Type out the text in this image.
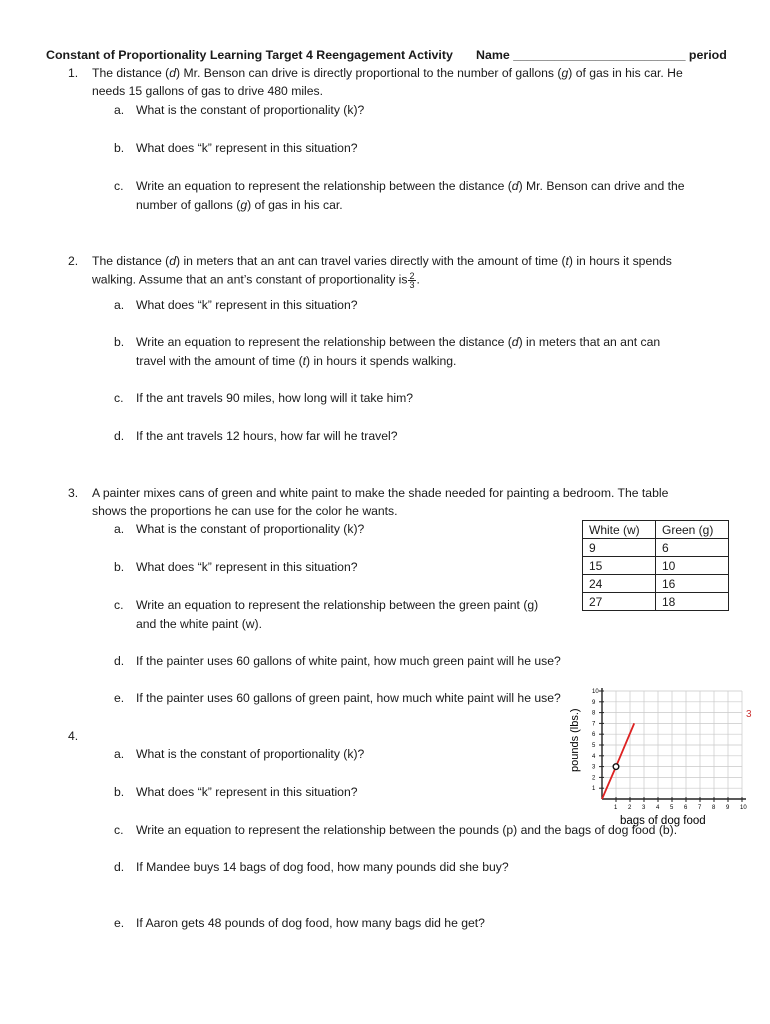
Constant of Proportionality Learning Target 4 Reengagement Activity Name _________________________ period
1.	The distance (d) Mr. Benson can drive is directly proportional to the number of gallons (g) of gas in his car. He
needs 15 gallons of gas to drive 480 miles.
a. What is the constant of proportionality (k)?
b. What does “k” represent in this situation?
c.	Write an equation to represent the relationship between the distance (d) Mr. Benson can drive and the
number of gallons (g) of gas in his car.
2.	The distance (d) in meters that an ant can travel varies directly with the amount of time (t) in hours it spends
walking. Assume that an ant’s constant of proportionality is $\frac{2}{3}$ .
a. What does “k” represent in this situation?
b. Write an equation to represent the relationship between the distance (d) in meters that an ant can
travel with the amount of time (t) in hours it spends walking.
c.	If the ant travels 90 miles, how long will it take him?
d. If the ant travels 12 hours, how far will he travel?
3.	A painter mixes cans of green and white paint to make the shade needed for painting a bedroom. The table
shows the proportions he can use for the color he wants.
a. What is the constant of proportionality (k)?
b. What does “k” represent in this situation?
c.	Write an equation to represent the relationship between the green paint (g)
and the white paint (w).
d. If the painter uses 60 gallons of white paint, how much green paint will he use?
e. If the painter uses 60 gallons of green paint, how much white paint will he use?
White (w)	Green (g)
9	6
15	10
24	16
27	18
4.
a. What is the constant of proportionality (k)?
b. What does “k” represent in this situation?
c.	Write an equation to represent the relationship between the pounds (p) and the bags of dog food (b).
d. If Mandee buys 14 bags of dog food, how many pounds did she buy?
e. If Aaron gets 48 pounds of dog food, how many bags did he get?
1 2 3 4 5 6 7 8 9 10
1
2
3
4
5
6
7
8
9
10
pounds (lbs.)
bags of dog food
3
